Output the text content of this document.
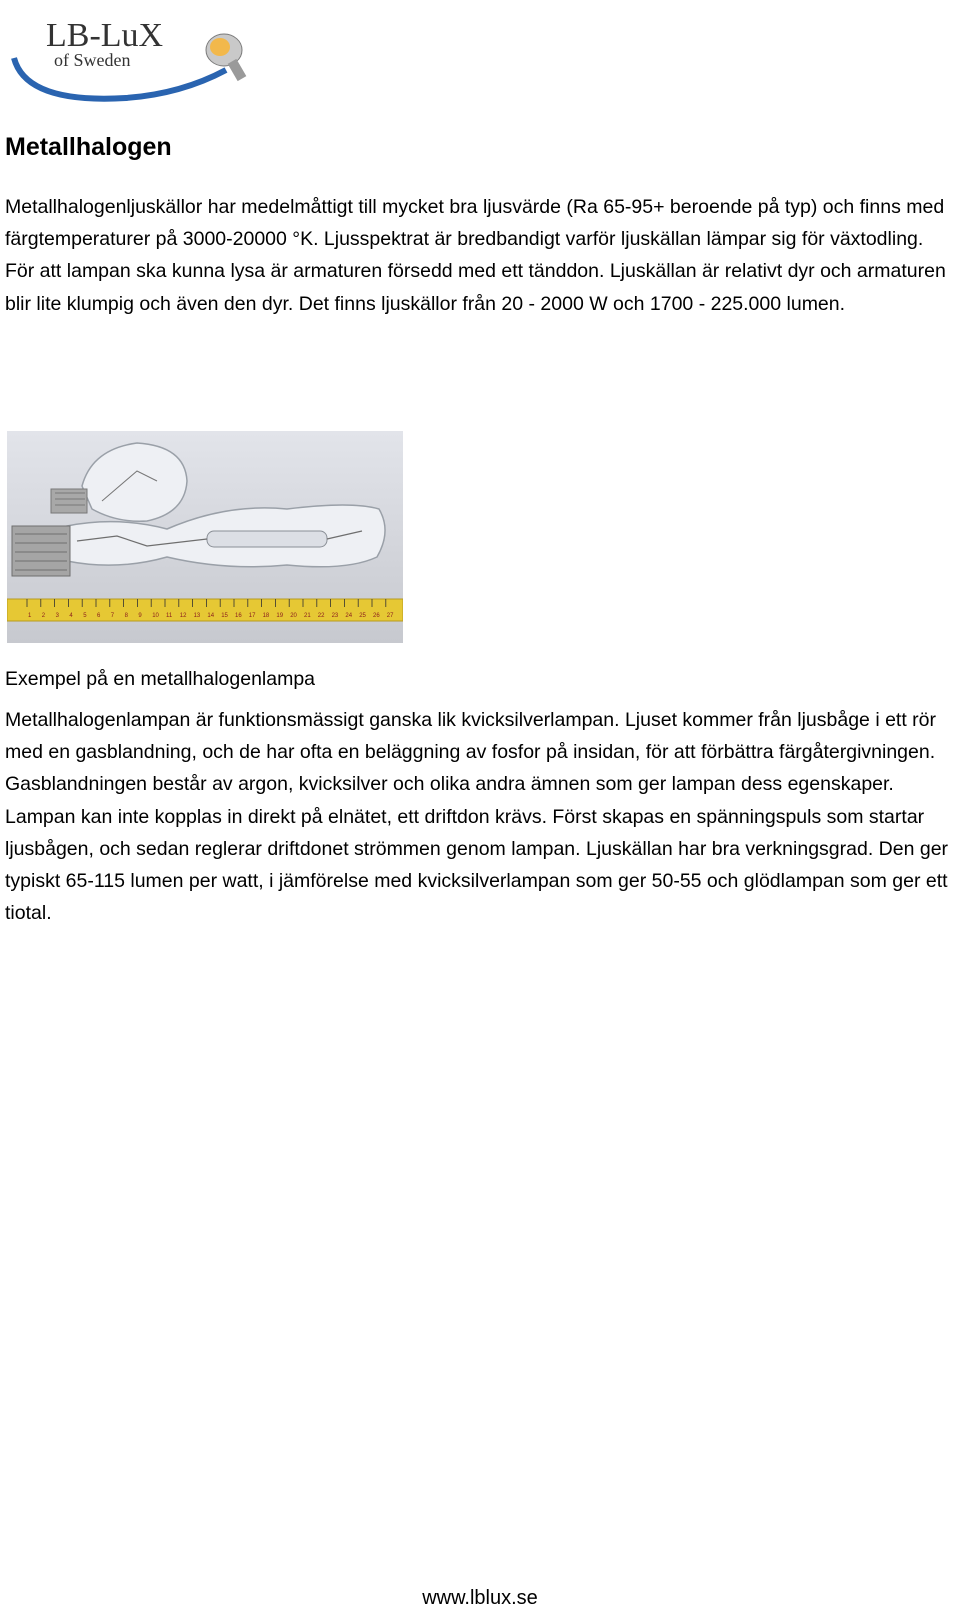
LB-LuX
of Sweden
Metallhalogen

Metallhalogenljuskällor har medelmåttigt till mycket bra ljusvärde (Ra 65-95+ beroende på typ) och finns med färgtemperaturer på 3000-20000 °K. Ljusspektrat är bredbandigt varför ljuskällan lämpar sig för växtodling. För att lampan ska kunna lysa är armaturen försedd med ett tänddon. Ljuskällan är relativt dyr och armaturen blir lite klumpig och även den dyr. Det finns ljuskällor från 20 - 2000 W och 1700 - 225.000 lumen.

1 2 3 4 5 6 7 8 9 10 11 12 13 14 15 16 17 18 19 20 21 22 23 24 25 26 27

Exempel på en metallhalogenlampa

Metallhalogenlampan är funktionsmässigt ganska lik kvicksilverlampan. Ljuset kommer från ljusbåge i ett rör med en gasblandning, och de har ofta en beläggning av fosfor på insidan, för att förbättra färgåtergivningen. Gasblandningen består av argon, kvicksilver och olika andra ämnen som ger lampan dess egenskaper. Lampan kan inte kopplas in direkt på elnätet, ett driftdon krävs. Först skapas en spänningspuls som startar ljusbågen, och sedan reglerar driftdonet strömmen genom lampan. Ljuskällan har bra verkningsgrad. Den ger typiskt 65-115 lumen per watt, i jämförelse med kvicksilverlampan som ger 50-55 och glödlampan som ger ett tiotal.

www.lblux.se
